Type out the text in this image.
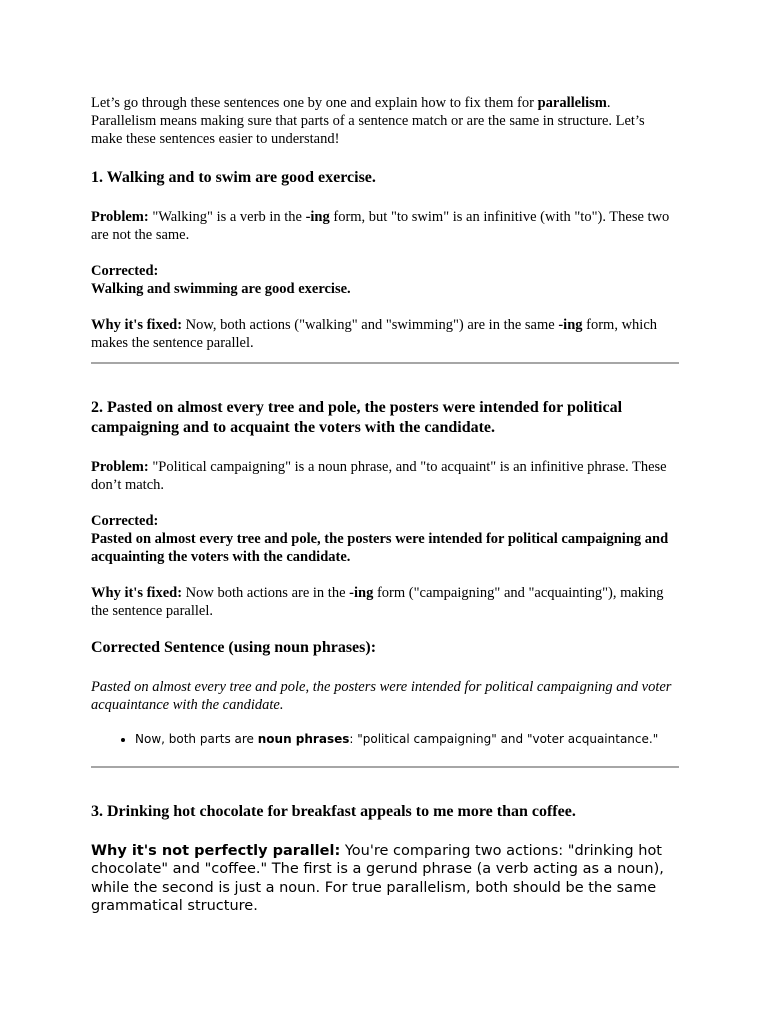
Let’s go through these sentences one by one and explain how to fix them for parallelism. Parallelism means making sure that parts of a sentence match or are the same in structure. Let’s make these sentences easier to understand!

1. Walking and to swim are good exercise.

Problem: "Walking" is a verb in the -ing form, but "to swim" is an infinitive (with "to"). These two are not the same.

Corrected:
Walking and swimming are good exercise.

Why it's fixed: Now, both actions ("walking" and "swimming") are in the same -ing form, which makes the sentence parallel.

2. Pasted on almost every tree and pole, the posters were intended for political campaigning and to acquaint the voters with the candidate.

Problem: "Political campaigning" is a noun phrase, and "to acquaint" is an infinitive phrase. These don’t match.

Corrected:
Pasted on almost every tree and pole, the posters were intended for political campaigning and acquainting the voters with the candidate.

Why it's fixed: Now both actions are in the -ing form ("campaigning" and "acquainting"), making the sentence parallel.

Corrected Sentence (using noun phrases):

Pasted on almost every tree and pole, the posters were intended for political campaigning and voter acquaintance with the candidate.

• Now, both parts are noun phrases: "political campaigning" and "voter acquaintance."
3. Drinking hot chocolate for breakfast appeals to me more than coffee.

Why it's not perfectly parallel: You're comparing two actions: "drinking hot chocolate" and "coffee." The first is a gerund phrase (a verb acting as a noun), while the second is just a noun. For true parallelism, both should be the same grammatical structure.
